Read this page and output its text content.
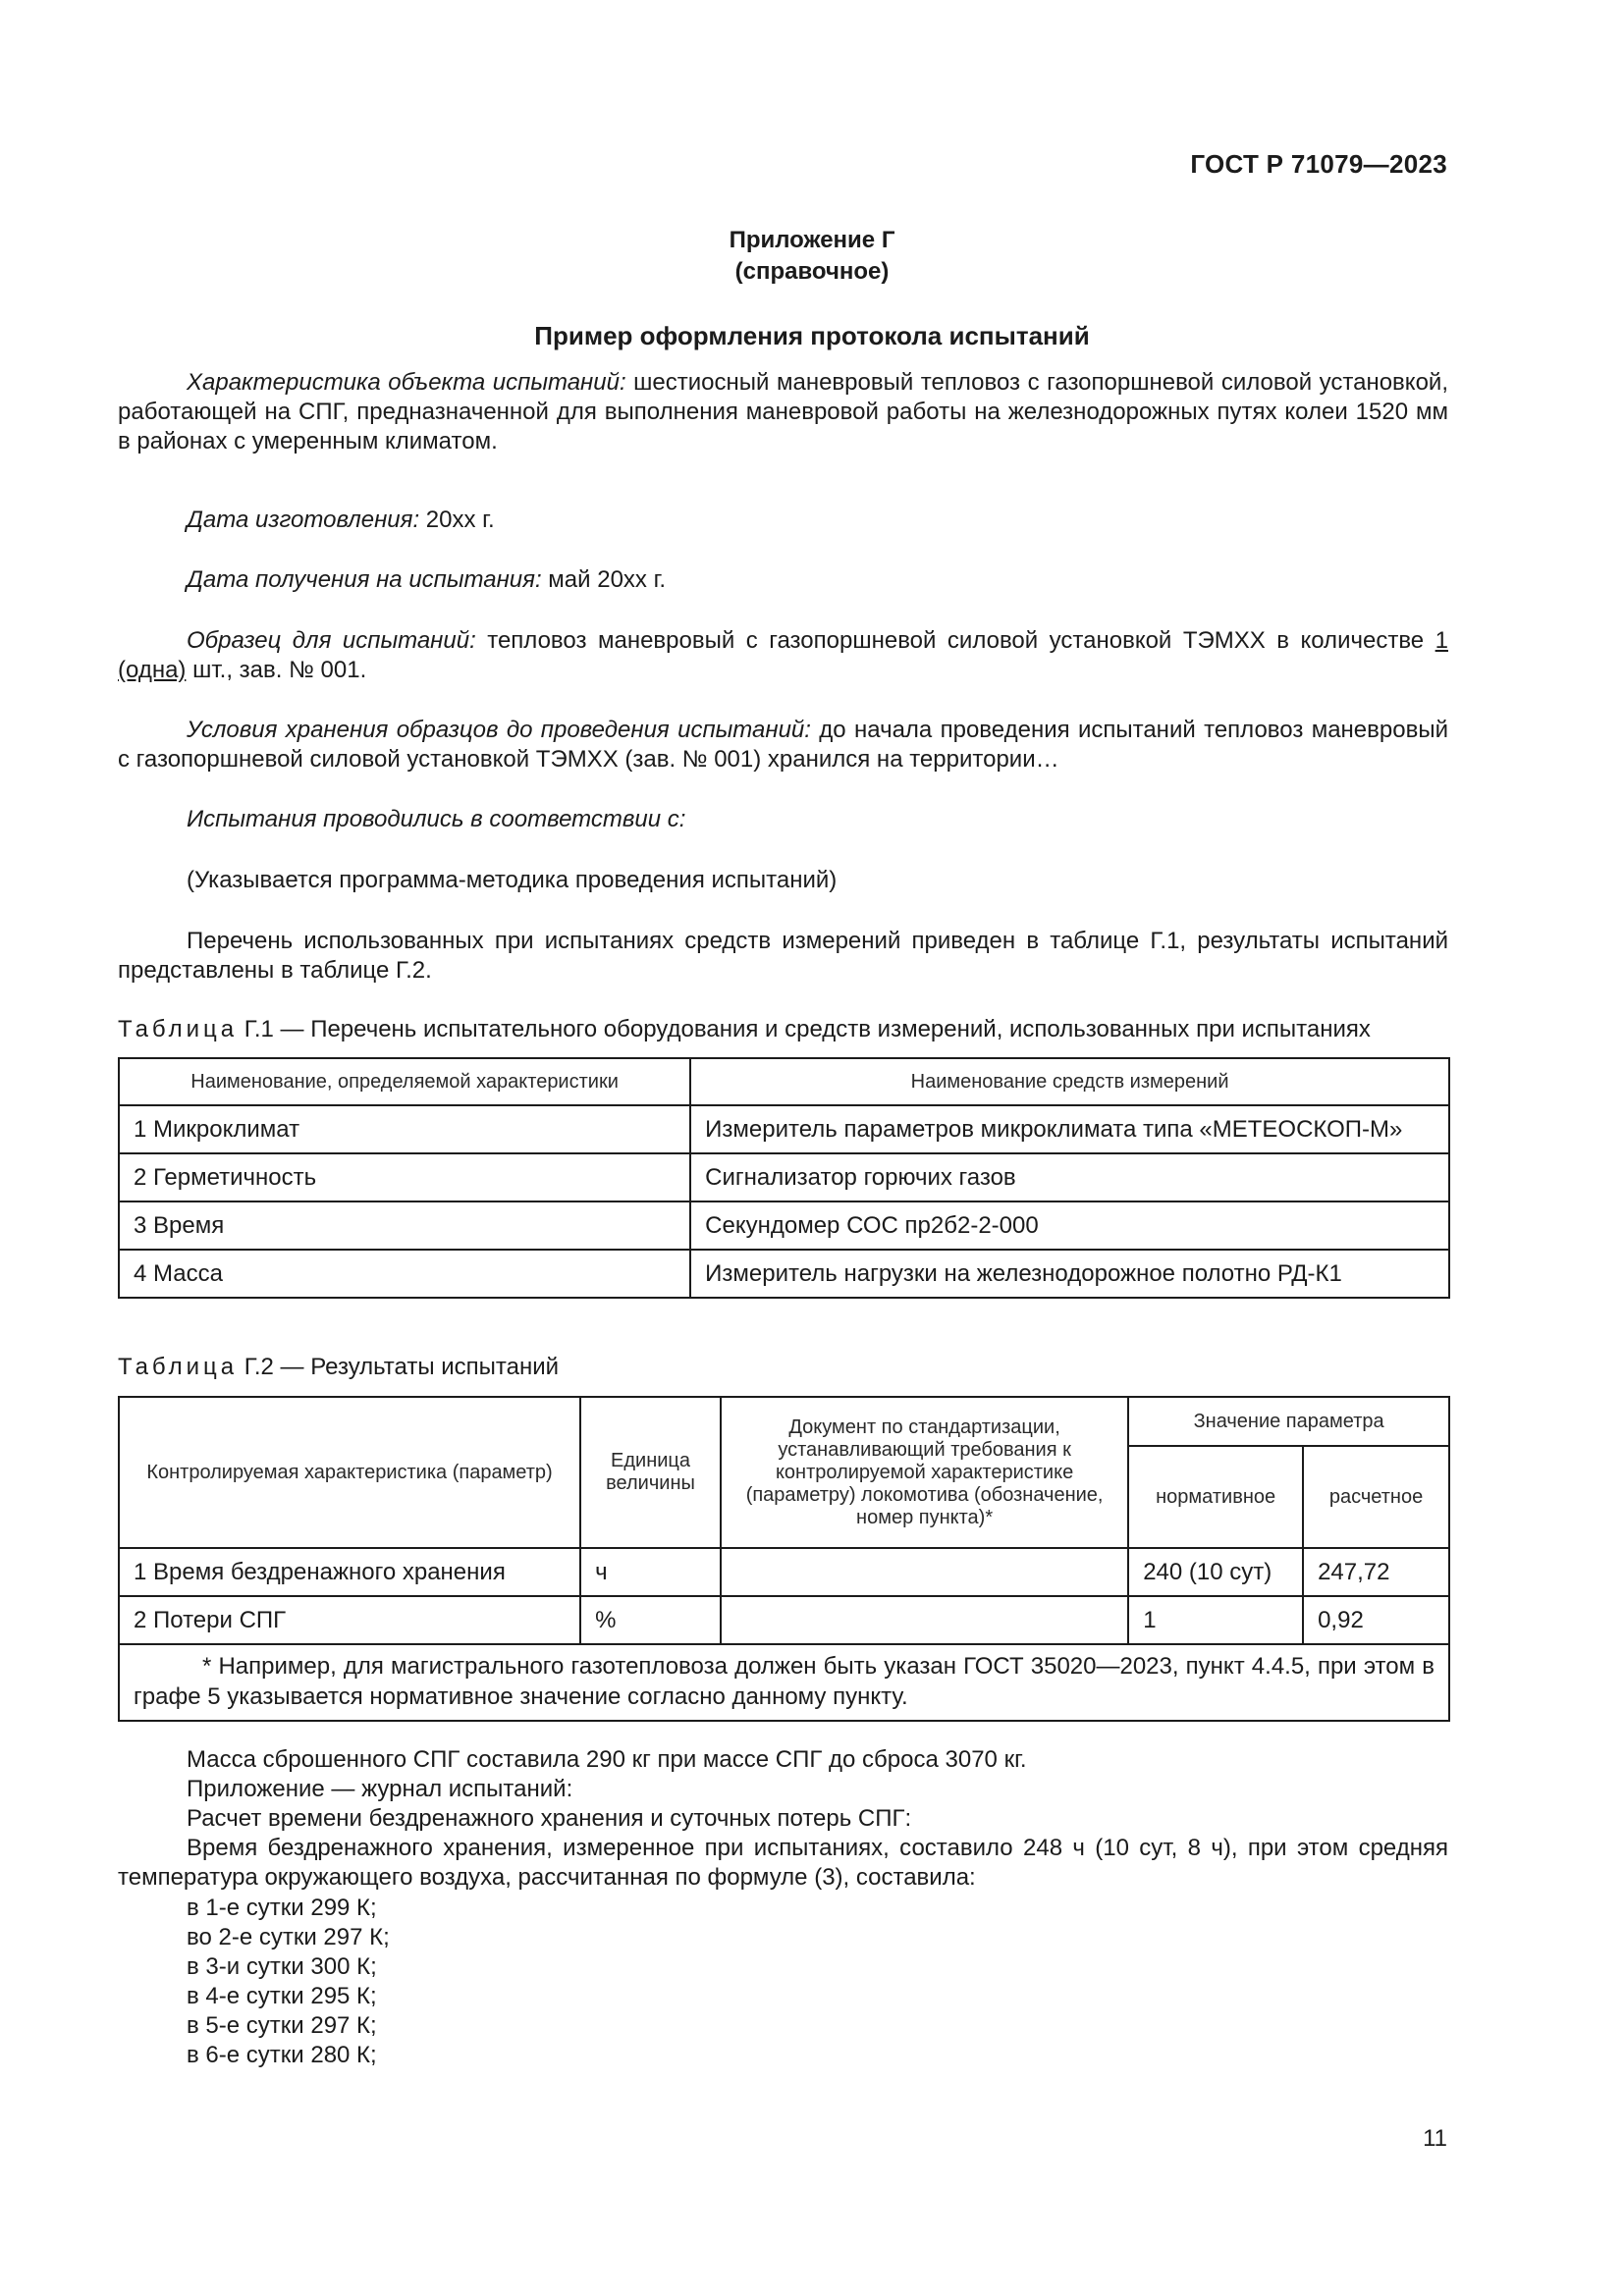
ГОСТ Р 71079—2023
Приложение Г
(справочное)
Пример оформления протокола испытаний

Характеристика объекта испытаний: шестиосный маневровый тепловоз с газопоршневой силовой установкой, работающей на СПГ, предназначенной для выполнения маневровой работы на железнодорожных путях колеи 1520 мм в районах с умеренным климатом.

Дата изготовления: 20xx г.

Дата получения на испытания: май 20xx г.

Образец для испытаний: тепловоз маневровый с газопоршневой силовой установкой ТЭМХХ в количестве 1 (одна) шт., зав. № 001.

Условия хранения образцов до проведения испытаний: до начала проведения испытаний тепловоз маневровый с газопоршневой силовой установкой ТЭМХХ (зав. № 001) хранился на территории…

Испытания проводились в соответствии с:

(Указывается программа-методика проведения испытаний)

Перечень использованных при испытаниях средств измерений приведен в таблице Г.1, результаты испытаний представлены в таблице Г.2.

Таблица Г.1 — Перечень испытательного оборудования и средств измерений, использованных при испытаниях
Наименование, определяемой характеристики	Наименование средств измерений
1 Микроклимат	Измеритель параметров микроклимата типа «МЕТЕОСКОП-М»
2 Герметичность	Сигнализатор горючих газов
3 Время	Секундомер СОС пр2б2-2-000
4 Масса	Измеритель нагрузки на железнодорожное полотно РД-К1
Таблица Г.2 — Результаты испытаний
Контролируемая характеристика (параметр)	Единица величины	Документ по стандартизации, устанавливающий требования к контролируемой характеристике (параметру) локомотива (обозначение, номер пункта)*	Значение параметра	
			нормативное	расчетное
1 Время бездренажного хранения	ч		240 (10 сут)	247,72
2 Потери СПГ	%		1	0,92
* Например, для магистрального газотепловоза должен быть указан ГОСТ 35020—2023, пункт 4.4.5, при этом в графе 5 указывается нормативное значение согласно данному пункту.				

Масса сброшенного СПГ составила 290 кг при массе СПГ до сброса 3070 кг.

Приложение — журнал испытаний:

Расчет времени бездренажного хранения и суточных потерь СПГ:

Время бездренажного хранения, измеренное при испытаниях, составило 248 ч (10 сут, 8 ч), при этом средняя температура окружающего воздуха, рассчитанная по формуле (3), составила:

в 1-е сутки 299 К;
во 2-е сутки 297 К;
в 3-и сутки 300 К;
в 4-е сутки 295 К;
в 5-е сутки 297 К;
в 6-е сутки 280 К;
11
